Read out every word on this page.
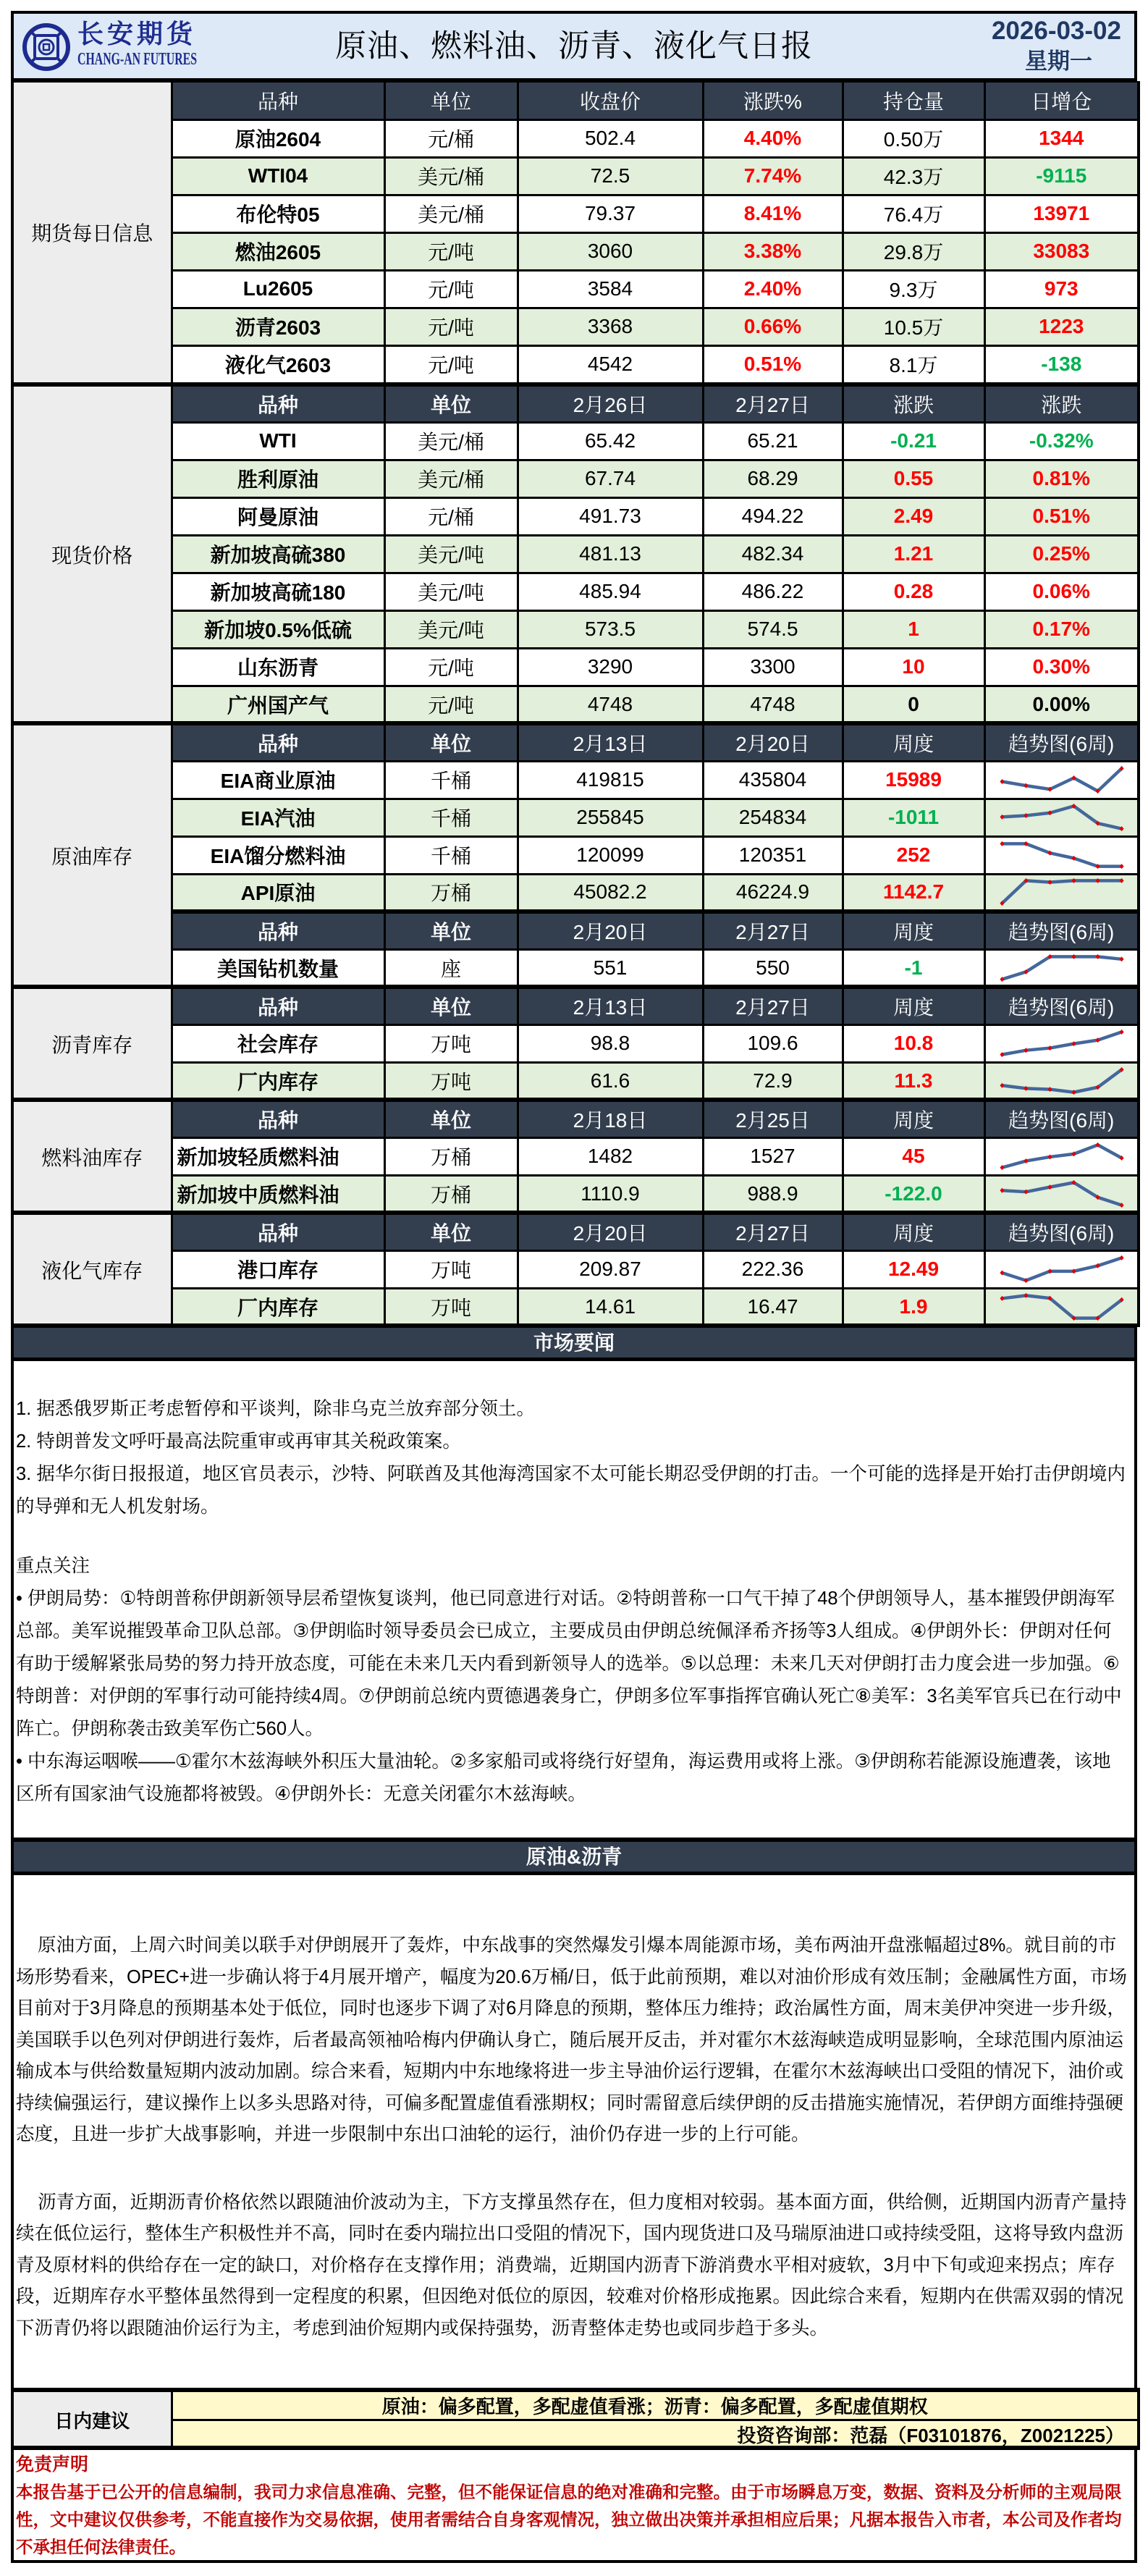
长安期货
CHANG-AN FUTURES	原油、燃料油、沥青、液化气日报	2026-03-02
星期一
期货每日信息	品种	单位	收盘价	涨跌%	持仓量	日增仓
	原油2604	元/桶	502.4	4.40%	0.50万	1344
	WTI04	美元/桶	72.5	7.74%	42.3万	-9115
	布伦特05	美元/桶	79.37	8.41%	76.4万	13971
	燃油2605	元/吨	3060	3.38%	29.8万	33083
	Lu2605	元/吨	3584	2.40%	9.3万	973
	沥青2603	元/吨	3368	0.66%	10.5万	1223
	液化气2603	元/吨	4542	0.51%	8.1万	-138
现货价格	品种	单位	2月26日	2月27日	涨跌	涨跌
	WTI	美元/桶	65.42	65.21	-0.21	-0.32%
	胜利原油	美元/桶	67.74	68.29	0.55	0.81%
	阿曼原油	元/桶	491.73	494.22	2.49	0.51%
	新加坡高硫380	美元/吨	481.13	482.34	1.21	0.25%
	新加坡高硫180	美元/吨	485.94	486.22	0.28	0.06%
	新加坡0.5%低硫	美元/吨	573.5	574.5	1	0.17%
	山东沥青	元/吨	3290	3300	10	0.30%
	广州国产气	元/吨	4748	4748	0	0.00%
原油库存	品种	单位	2月13日	2月20日	周度	趋势图(6周)
	EIA商业原油	千桶	419815	435804	15989	

	EIA汽油	千桶	255845	254834	-1011	

	EIA馏分燃料油	千桶	120099	120351	252	

	API原油	万桶	45082.2	46224.9	1142.7	

	品种	单位	2月20日	2月27日	周度	趋势图(6周)
	美国钻机数量	座	551	550	-1	
沥青库存	品种	单位	2月13日	2月27日	周度	趋势图(6周)
	社会库存	万吨	98.8	109.6	10.8	

	厂内库存	万吨	61.6	72.9	11.3	
燃料油库存	品种	单位	2月18日	2月25日	周度	趋势图(6周)
	新加坡轻质燃料油	万桶	1482	1527	45	

	新加坡中质燃料油	万桶	1110.9	988.9	-122.0	
液化气库存	品种	单位	2月20日	2月27日	周度	趋势图(6周)
	港口库存	万吨	209.87	222.36	12.49	

	厂内库存	万吨	14.61	16.47	1.9	
市场要闻

1. 据悉俄罗斯正考虑暂停和平谈判，除非乌克兰放弃部分领土。

2. 特朗普发文呼吁最高法院重审或再审其关税政策案。

3. 据华尔街日报报道，地区官员表示，沙特、阿联酋及其他海湾国家不太可能长期忍受伊朗的打击。一个可能的选择是开始打击伊朗境内的导弹和无人机发射场。

重点关注

• 伊朗局势：①特朗普称伊朗新领导层希望恢复谈判，他已同意进行对话。②特朗普称一口气干掉了48个伊朗领导人，基本摧毁伊朗海军总部。美军说摧毁革命卫队总部。③伊朗临时领导委员会已成立，主要成员由伊朗总统佩泽希齐扬等3人组成。④伊朗外长：伊朗对任何有助于缓解紧张局势的努力持开放态度，可能在未来几天内看到新领导人的选举。⑤以总理：未来几天对伊朗打击力度会进一步加强。⑥特朗普：对伊朗的军事行动可能持续4周。⑦伊朗前总统内贾德遇袭身亡，伊朗多位军事指挥官确认死亡⑧美军：3名美军官兵已在行动中阵亡。伊朗称袭击致美军伤亡560人。

• 中东海运咽喉——①霍尔木兹海峡外积压大量油轮。②多家船司或将绕行好望角，海运费用或将上涨。③伊朗称若能源设施遭袭，该地区所有国家油气设施都将被毁。④伊朗外长：无意关闭霍尔木兹海峡。

原油&沥青

原油方面，上周六时间美以联手对伊朗展开了轰炸，中东战事的突然爆发引爆本周能源市场，美布两油开盘涨幅超过8%。就目前的市场形势看来，OPEC+进一步确认将于4月展开增产，幅度为20.6万桶/日，低于此前预期，难以对油价形成有效压制；金融属性方面，市场目前对于3月降息的预期基本处于低位，同时也逐步下调了对6月降息的预期，整体压力维持；政治属性方面，周末美伊冲突进一步升级，美国联手以色列对伊朗进行轰炸，后者最高领袖哈梅内伊确认身亡，随后展开反击，并对霍尔木兹海峡造成明显影响，全球范围内原油运输成本与供给数量短期内波动加剧。综合来看，短期内中东地缘将进一步主导油价运行逻辑，在霍尔木兹海峡出口受阻的情况下，油价或持续偏强运行，建议操作上以多头思路对待，可偏多配置虚值看涨期权；同时需留意后续伊朗的反击措施实施情况，若伊朗方面维持强硬态度，且进一步扩大战事影响，并进一步限制中东出口油轮的运行，油价仍存进一步的上行可能。

沥青方面，近期沥青价格依然以跟随油价波动为主，下方支撑虽然存在，但力度相对较弱。基本面方面，供给侧，近期国内沥青产量持续在低位运行，整体生产积极性并不高，同时在委内瑞拉出口受阻的情况下，国内现货进口及马瑞原油进口或持续受阻，这将导致内盘沥青及原材料的供给存在一定的缺口，对价格存在支撑作用；消费端，近期国内沥青下游消费水平相对疲软，3月中下旬或迎来拐点；库存段，近期库存水平整体虽然得到一定程度的积累，但因绝对低位的原因，较难对价格形成拖累。因此综合来看，短期内在供需双弱的情况下沥青仍将以跟随油价运行为主，考虑到油价短期内或保持强势，沥青整体走势也或同步趋于多头。

日内建议	原油：偏多配置，多配虚值看涨；沥青：偏多配置，多配虚值期权
投资咨询部：范磊（F03101876，Z0021225）
免责声明
本报告基于已公开的信息编制，我司力求信息准确、完整，但不能保证信息的绝对准确和完整。由于市场瞬息万变，数据、资料及分析师的主观局限性，文中建议仅供参考，不能直接作为交易依据，使用者需结合自身客观情况，独立做出决策并承担相应后果；凡据本报告入市者，本公司及作者均不承担任何法律责任。
